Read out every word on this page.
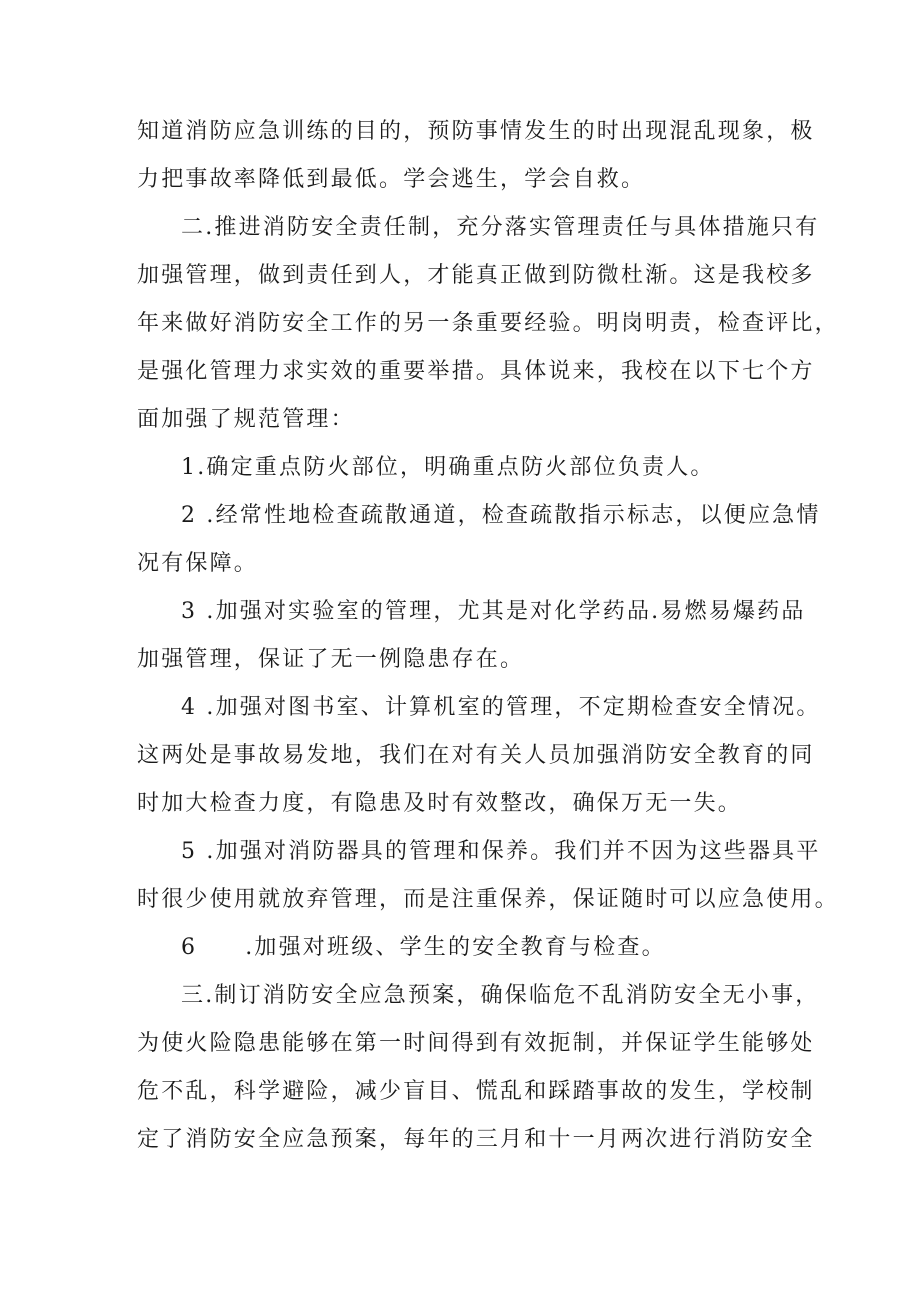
知道消防应急训练的目的，预防事情发生的时出现混乱现象，极
力把事故率降低到最低。学会逃生，学会自救。
二.推进消防安全责任制，充分落实管理责任与具体措施只有
加强管理，做到责任到人，才能真正做到防微杜渐。这是我校多
年来做好消防安全工作的另一条重要经验。明岗明责，检查评比，
是强化管理力求实效的重要举措。具体说来，我校在以下七个方
面加强了规范管理：
1.确定重点防火部位，明确重点防火部位负责人。
2 .经常性地检查疏散通道，检查疏散指示标志，以便应急情
况有保障。
3 .加强对实验室的管理，尤其是对化学药品.易燃易爆药品
加强管理，保证了无一例隐患存在。
4 .加强对图书室、计算机室的管理，不定期检查安全情况。
这两处是事故易发地，我们在对有关人员加强消防安全教育的同
时加大检查力度，有隐患及时有效整改，确保万无一失。
5 .加强对消防器具的管理和保养。我们并不因为这些器具平
时很少使用就放弃管理，而是注重保养，保证随时可以应急使用。
6 .加强对班级、学生的安全教育与检查。
三.制订消防安全应急预案，确保临危不乱消防安全无小事，
为使火险隐患能够在第一时间得到有效扼制，并保证学生能够处
危不乱，科学避险，减少盲目、慌乱和踩踏事故的发生，学校制
定了消防安全应急预案，每年的三月和十一月两次进行消防安全
